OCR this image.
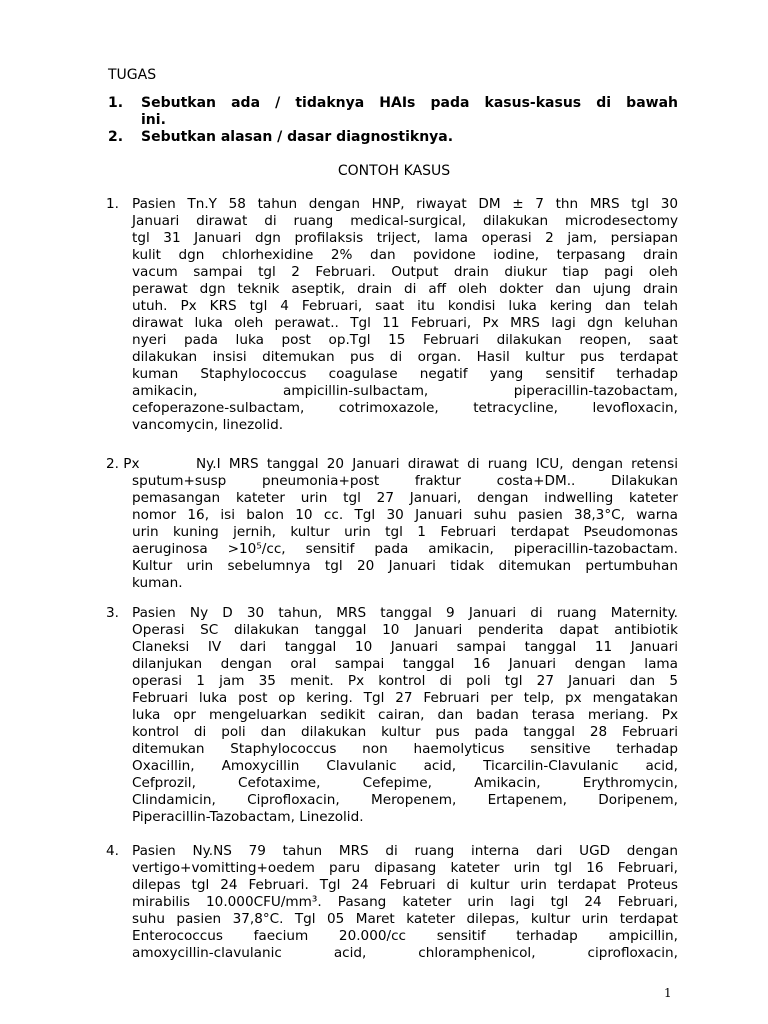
TUGAS
1. Sebutkan ada / tidaknya HAIs pada kasus-kasus di bawah
ini.
2. Sebutkan alasan / dasar diagnostiknya.
CONTOH KASUS
1. Pasien Tn.Y 58 tahun dengan HNP, riwayat DM ± 7 thn MRS tgl 30
Januari dirawat di ruang medical-surgical, dilakukan microdesectomy
tgl 31 Januari dgn profilaksis triject, lama operasi 2 jam, persiapan
kulit dgn chlorhexidine 2% dan povidone iodine, terpasang drain
vacum sampai tgl 2 Februari. Output drain diukur tiap pagi oleh
perawat dgn teknik aseptik, drain di aff oleh dokter dan ujung drain
utuh. Px KRS tgl 4 Februari, saat itu kondisi luka kering dan telah
dirawat luka oleh perawat.. Tgl 11 Februari, Px MRS lagi dgn keluhan
nyeri pada luka post op.Tgl 15 Februari dilakukan reopen, saat
dilakukan insisi ditemukan pus di organ. Hasil kultur pus terdapat
kuman Staphylococcus coagulase negatif yang sensitif terhadap
amikacin, ampicillin-sulbactam, piperacillin-tazobactam,
cefoperazone-sulbactam, cotrimoxazole, tetracycline, levofloxacin,
vancomycin, linezolid.
2. Px	Ny.I MRS tanggal 20 Januari dirawat di ruang ICU, dengan retensi
sputum+susp pneumonia+post fraktur costa+DM.. Dilakukan
pemasangan kateter urin tgl 27 Januari, dengan indwelling kateter
nomor 16, isi balon 10 cc. Tgl 30 Januari suhu pasien 38,3°C, warna
urin kuning jernih, kultur urin tgl 1 Februari terdapat Pseudomonas
aeruginosa >10⁵/cc, sensitif pada amikacin, piperacillin-tazobactam.
Kultur urin sebelumnya tgl 20 Januari tidak ditemukan pertumbuhan
kuman.
3. Pasien Ny D 30 tahun, MRS tanggal 9 Januari di ruang Maternity.
Operasi SC dilakukan tanggal 10 Januari penderita dapat antibiotik
Claneksi IV dari tanggal 10 Januari sampai tanggal 11 Januari
dilanjukan dengan oral sampai tanggal 16 Januari dengan lama
operasi 1 jam 35 menit. Px kontrol di poli tgl 27 Januari dan 5
Februari luka post op kering. Tgl 27 Februari per telp, px mengatakan
luka opr mengeluarkan sedikit cairan, dan badan terasa meriang. Px
kontrol di poli dan dilakukan kultur pus pada tanggal 28 Februari
ditemukan Staphylococcus non haemolyticus sensitive terhadap
Oxacillin, Amoxycillin Clavulanic acid, Ticarcilin-Clavulanic acid,
Cefprozil, Cefotaxime, Cefepime, Amikacin, Erythromycin,
Clindamicin, Ciprofloxacin, Meropenem, Ertapenem, Doripenem,
Piperacillin-Tazobactam, Linezolid.
4. Pasien Ny.NS 79 tahun MRS di ruang interna dari UGD dengan
vertigo+vomitting+oedem paru dipasang kateter urin tgl 16 Februari,
dilepas tgl 24 Februari. Tgl 24 Februari di kultur urin terdapat Proteus
mirabilis 10.000CFU/mm³. Pasang kateter urin lagi tgl 24 Februari,
suhu pasien 37,8°C. Tgl 05 Maret kateter dilepas, kultur urin terdapat
Enterococcus faecium 20.000/cc sensitif terhadap ampicillin,
amoxycillin-clavulanic acid, chloramphenicol, ciprofloxacin,
1
